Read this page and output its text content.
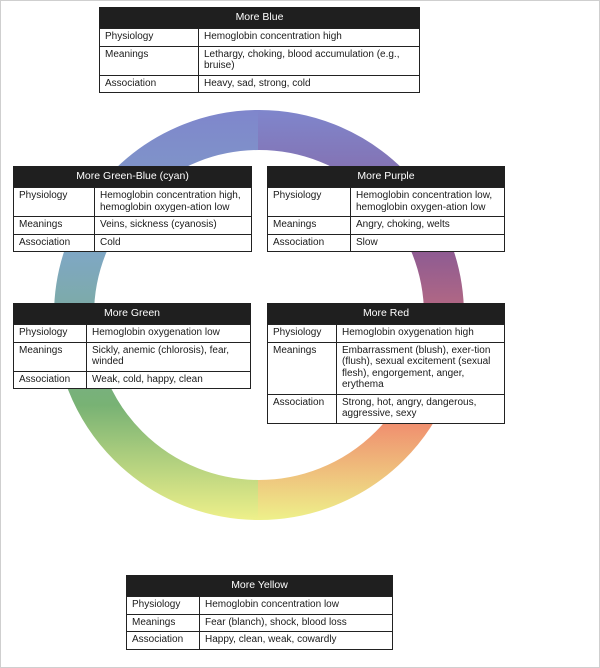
More Blue
Physiology	Hemoglobin concentration high
Meanings	Lethargy, choking, blood accumulation (e.g., bruise)
Association	Heavy, sad, strong, cold
More Green-Blue (cyan)
Physiology	Hemoglobin concentration high, hemoglobin oxygen-ation low
Meanings	Veins, sickness (cyanosis)
Association	Cold
More Purple
Physiology	Hemoglobin concentration low, hemoglobin oxygen-ation low
Meanings	Angry, choking, welts
Association	Slow
More Green
Physiology	Hemoglobin oxygenation low
Meanings	Sickly, anemic (chlorosis), fear, winded
Association	Weak, cold, happy, clean
More Red
Physiology	Hemoglobin oxygenation high
Meanings	Embarrassment (blush), exer-tion (flush), sexual excitement (sexual flesh), engorgement, anger, erythema
Association	Strong, hot, angry, dangerous, aggressive, sexy
More Yellow
Physiology	Hemoglobin concentration low
Meanings	Fear (blanch), shock, blood loss
Association	Happy, clean, weak, cowardly
